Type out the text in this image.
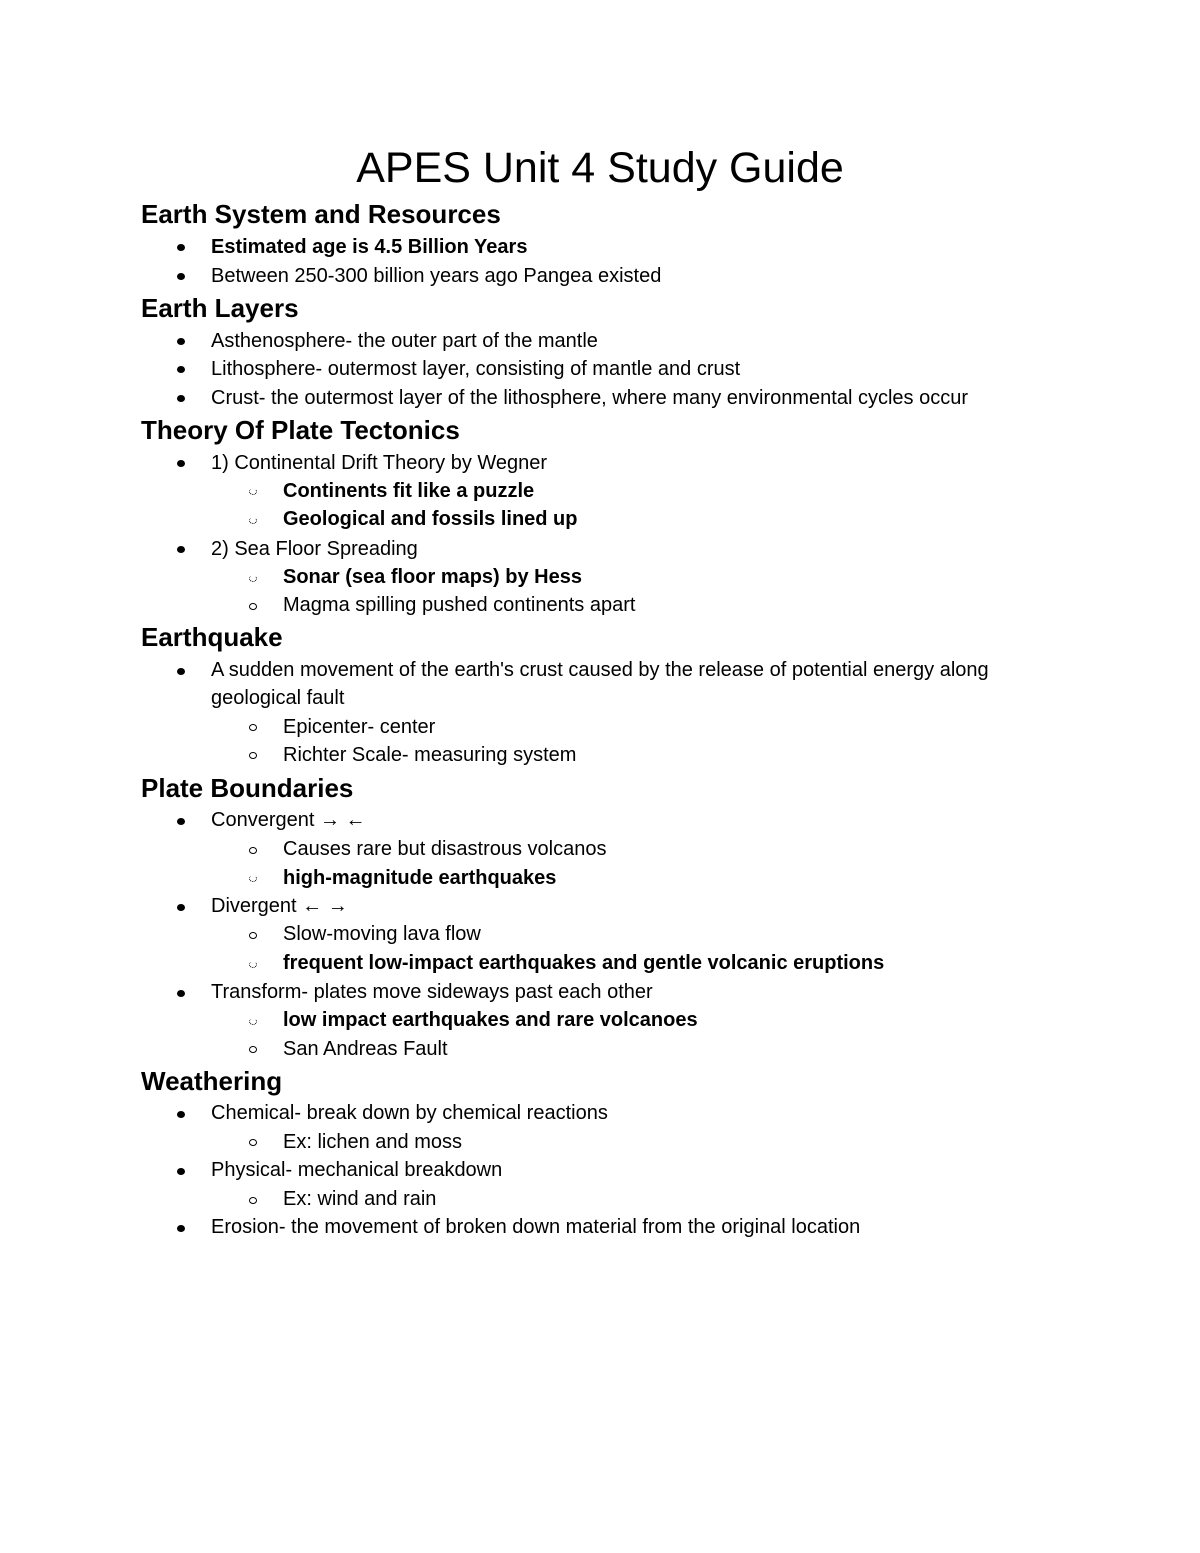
APES Unit 4 Study Guide
Earth System and Resources
Estimated age is 4.5 Billion Years
Between 250-300 billion years ago Pangea existed
Earth Layers
Asthenosphere- the outer part of the mantle
Lithosphere- outermost layer, consisting of mantle and crust
Crust- the outermost layer of the lithosphere, where many environmental cycles occur
Theory Of Plate Tectonics
1) Continental Drift Theory by Wegner
Continents fit like a puzzle
Geological and fossils lined up
2) Sea Floor Spreading
Sonar (sea floor maps) by Hess
Magma spilling pushed continents apart
Earthquake
A sudden movement of the earth's crust caused by the release of potential energy along geological fault
Epicenter- center
Richter Scale- measuring system
Plate Boundaries
Convergent → ←
Causes rare but disastrous volcanos
high-magnitude earthquakes
Divergent ← →
Slow-moving lava flow
frequent low-impact earthquakes and gentle volcanic eruptions
Transform- plates move sideways past each other
low impact earthquakes and rare volcanoes
San Andreas Fault
Weathering
Chemical- break down by chemical reactions
Ex: lichen and moss
Physical- mechanical breakdown
Ex: wind and rain
Erosion- the movement of broken down material from the original location
